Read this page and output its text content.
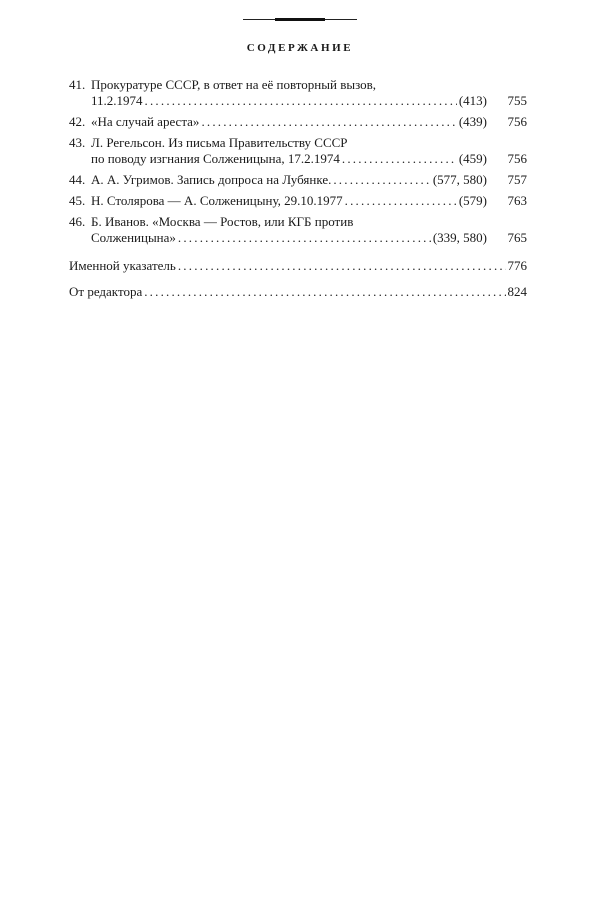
СОДЕРЖАНИЕ
41. Прокуратуре СССР, в ответ на её повторный вызов,
11.2.1974 .....	(413)	755
42. «На случай ареста» .....	(439)	756
43. Л. Регельсон. Из письма Правительству СССР
по поводу изгнания Солженицына, 17.2.1974 .....	(459)	756
44. А. А. Угримов. Запись допроса на Лубянке. .....	(577, 580)	757
45. Н. Столярова — А. Солженицыну, 29.10.1977 .....	(579)	763
46. Б. Иванов. «Москва — Ростов, или КГБ против
Солженицына» .....	(339, 580)	765
Именной указатель .....	776
От редактора .....	824
